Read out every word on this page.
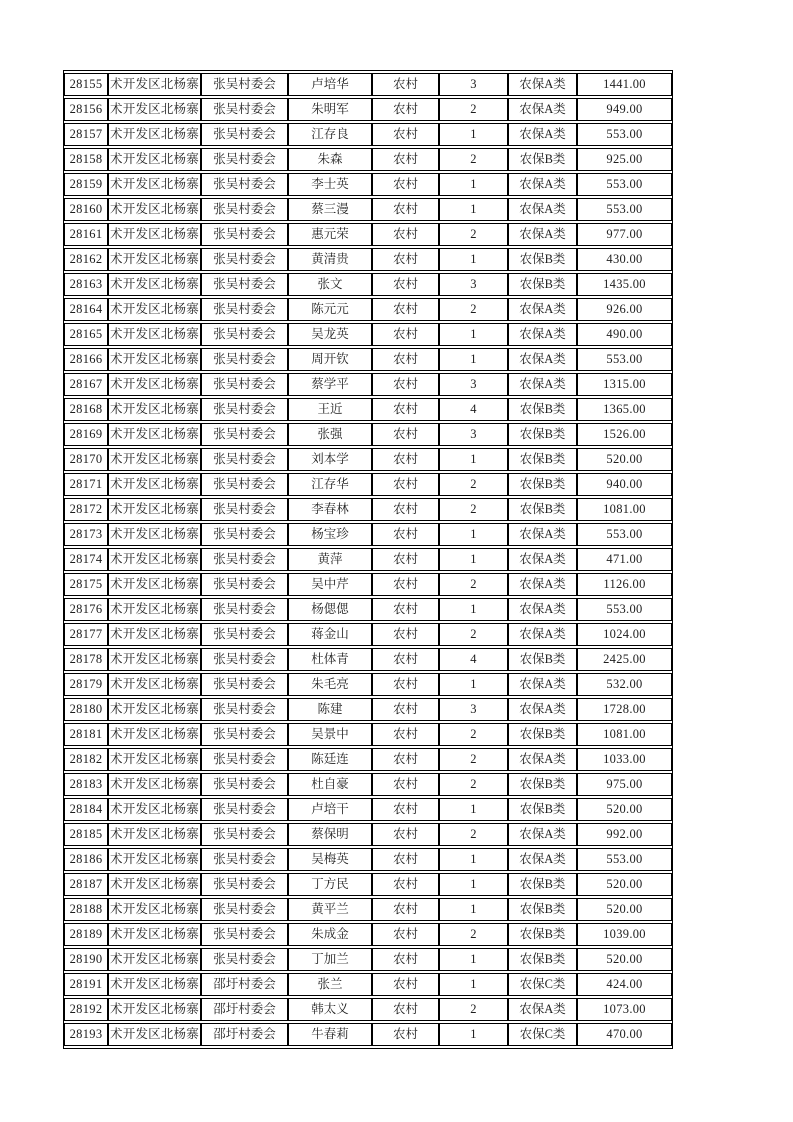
28155	术开发区北杨寨	张吴村委会	卢培华	农村	3	农保A类	1441.00
28156	术开发区北杨寨	张吴村委会	朱明军	农村	2	农保A类	949.00
28157	术开发区北杨寨	张吴村委会	江存良	农村	1	农保A类	553.00
28158	术开发区北杨寨	张吴村委会	朱森	农村	2	农保B类	925.00
28159	术开发区北杨寨	张吴村委会	李士英	农村	1	农保A类	553.00
28160	术开发区北杨寨	张吴村委会	蔡三漫	农村	1	农保A类	553.00
28161	术开发区北杨寨	张吴村委会	惠元荣	农村	2	农保A类	977.00
28162	术开发区北杨寨	张吴村委会	黄清贵	农村	1	农保B类	430.00
28163	术开发区北杨寨	张吴村委会	张文	农村	3	农保B类	1435.00
28164	术开发区北杨寨	张吴村委会	陈元元	农村	2	农保A类	926.00
28165	术开发区北杨寨	张吴村委会	吴龙英	农村	1	农保A类	490.00
28166	术开发区北杨寨	张吴村委会	周开钦	农村	1	农保A类	553.00
28167	术开发区北杨寨	张吴村委会	蔡学平	农村	3	农保A类	1315.00
28168	术开发区北杨寨	张吴村委会	王近	农村	4	农保B类	1365.00
28169	术开发区北杨寨	张吴村委会	张强	农村	3	农保B类	1526.00
28170	术开发区北杨寨	张吴村委会	刘本学	农村	1	农保B类	520.00
28171	术开发区北杨寨	张吴村委会	江存华	农村	2	农保B类	940.00
28172	术开发区北杨寨	张吴村委会	李春林	农村	2	农保B类	1081.00
28173	术开发区北杨寨	张吴村委会	杨宝珍	农村	1	农保A类	553.00
28174	术开发区北杨寨	张吴村委会	黄萍	农村	1	农保A类	471.00
28175	术开发区北杨寨	张吴村委会	吴中芹	农村	2	农保A类	1126.00
28176	术开发区北杨寨	张吴村委会	杨偲偲	农村	1	农保A类	553.00
28177	术开发区北杨寨	张吴村委会	蒋金山	农村	2	农保A类	1024.00
28178	术开发区北杨寨	张吴村委会	杜体青	农村	4	农保B类	2425.00
28179	术开发区北杨寨	张吴村委会	朱毛亮	农村	1	农保A类	532.00
28180	术开发区北杨寨	张吴村委会	陈建	农村	3	农保A类	1728.00
28181	术开发区北杨寨	张吴村委会	吴景中	农村	2	农保B类	1081.00
28182	术开发区北杨寨	张吴村委会	陈廷连	农村	2	农保A类	1033.00
28183	术开发区北杨寨	张吴村委会	杜自豪	农村	2	农保B类	975.00
28184	术开发区北杨寨	张吴村委会	卢培干	农村	1	农保B类	520.00
28185	术开发区北杨寨	张吴村委会	蔡保明	农村	2	农保A类	992.00
28186	术开发区北杨寨	张吴村委会	吴梅英	农村	1	农保A类	553.00
28187	术开发区北杨寨	张吴村委会	丁方民	农村	1	农保B类	520.00
28188	术开发区北杨寨	张吴村委会	黄平兰	农村	1	农保B类	520.00
28189	术开发区北杨寨	张吴村委会	朱成金	农村	2	农保B类	1039.00
28190	术开发区北杨寨	张吴村委会	丁加兰	农村	1	农保B类	520.00
28191	术开发区北杨寨	邵圩村委会	张兰	农村	1	农保C类	424.00
28192	术开发区北杨寨	邵圩村委会	韩太义	农村	2	农保A类	1073.00
28193	术开发区北杨寨	邵圩村委会	牛春莉	农村	1	农保C类	470.00
